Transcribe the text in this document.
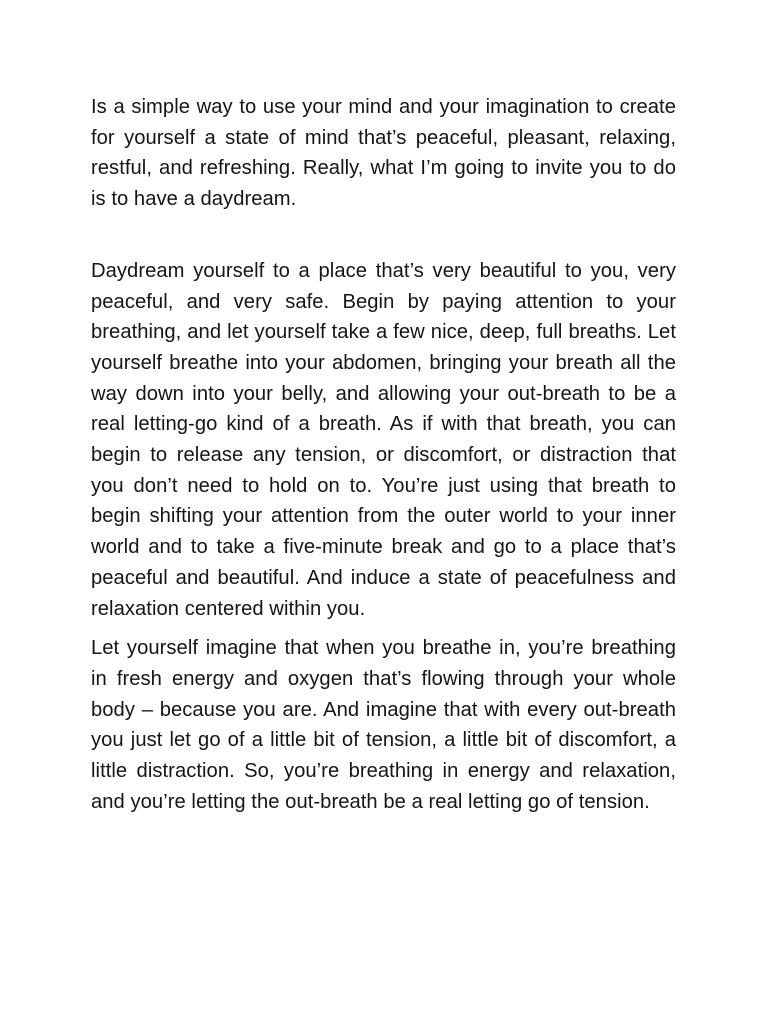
Is a simple way to use your mind and your imagination to create for yourself a state of mind that’s peaceful, pleasant, relaxing, restful, and refreshing. Really, what I’m going to invite you to do is to have a daydream.

Daydream yourself to a place that’s very beautiful to you, very peaceful, and very safe. Begin by paying attention to your breathing, and let yourself take a few nice, deep, full breaths. Let yourself breathe into your abdomen, bringing your breath all the way down into your belly, and allowing your out-breath to be a real letting-go kind of a breath. As if with that breath, you can begin to release any tension, or discomfort, or distraction that you don’t need to hold on to. You’re just using that breath to begin shifting your attention from the outer world to your inner world and to take a five-minute break and go to a place that’s peaceful and beautiful. And induce a state of peacefulness and relaxation centered within you.

Let yourself imagine that when you breathe in, you’re breathing in fresh energy and oxygen that’s flowing through your whole body – because you are. And imagine that with every out-breath you just let go of a little bit of tension, a little bit of discomfort, a little distraction. So, you’re breathing in energy and relaxation, and you’re letting the out-breath be a real letting go of tension.
